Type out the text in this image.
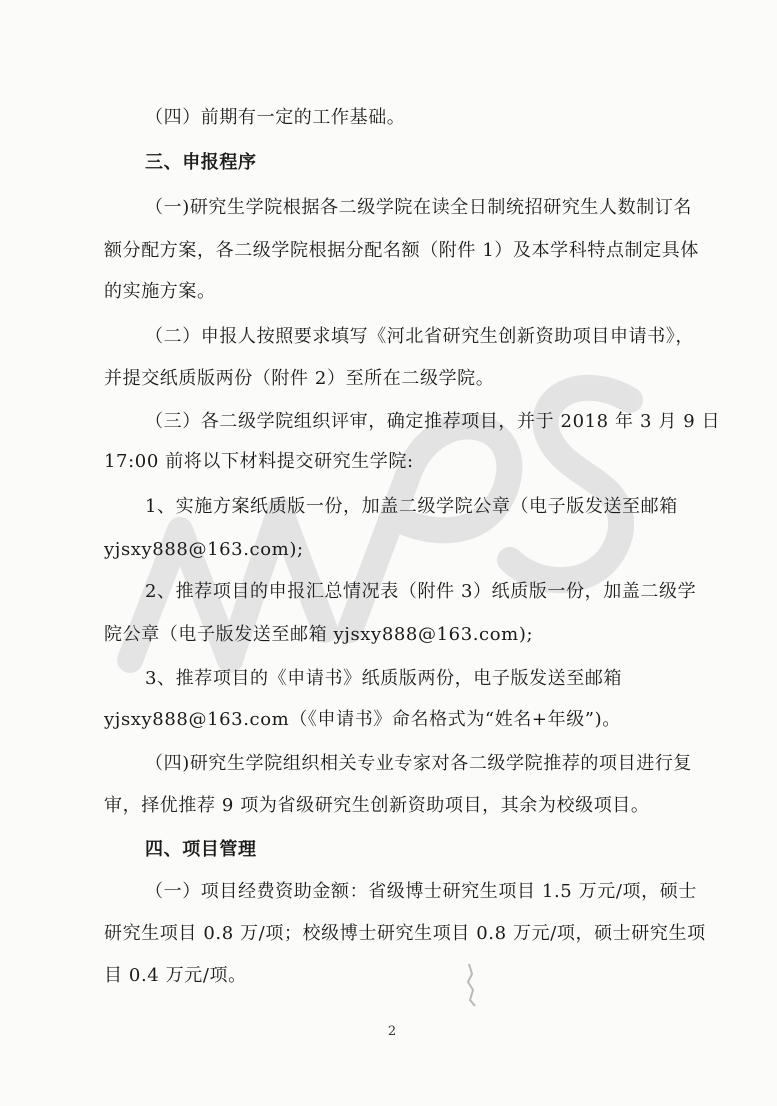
（四）前期有一定的工作基础。
三、申报程序
（一)研究生学院根据各二级学院在读全日制统招研究生人数制订名
额分配方案，各二级学院根据分配名额（附件 1）及本学科特点制定具体
的实施方案。
（二）申报人按照要求填写《河北省研究生创新资助项目申请书》，
并提交纸质版两份（附件 2）至所在二级学院。
（三）各二级学院组织评审，确定推荐项目，并于 2018 年 3 月 9 日
17:00 前将以下材料提交研究生学院:
1、实施方案纸质版一份，加盖二级学院公章（电子版发送至邮箱
yjsxy888@163.com);
2、推荐项目的申报汇总情况表（附件 3）纸质版一份，加盖二级学
院公章（电子版发送至邮箱 yjsxy888@163.com);
3、推荐项目的《申请书》纸质版两份，电子版发送至邮箱
yjsxy888@163.com（《申请书》命名格式为“姓名+年级”)。
（四)研究生学院组织相关专业专家对各二级学院推荐的项目进行复
审，择优推荐 9 项为省级研究生创新资助项目，其余为校级项目。
四、项目管理
（一）项目经费资助金额：省级博士研究生项目 1.5 万元/项，硕士
研究生项目 0.8 万/项；校级博士研究生项目 0.8 万元/项，硕士研究生项
目 0.4 万元/项。
2
